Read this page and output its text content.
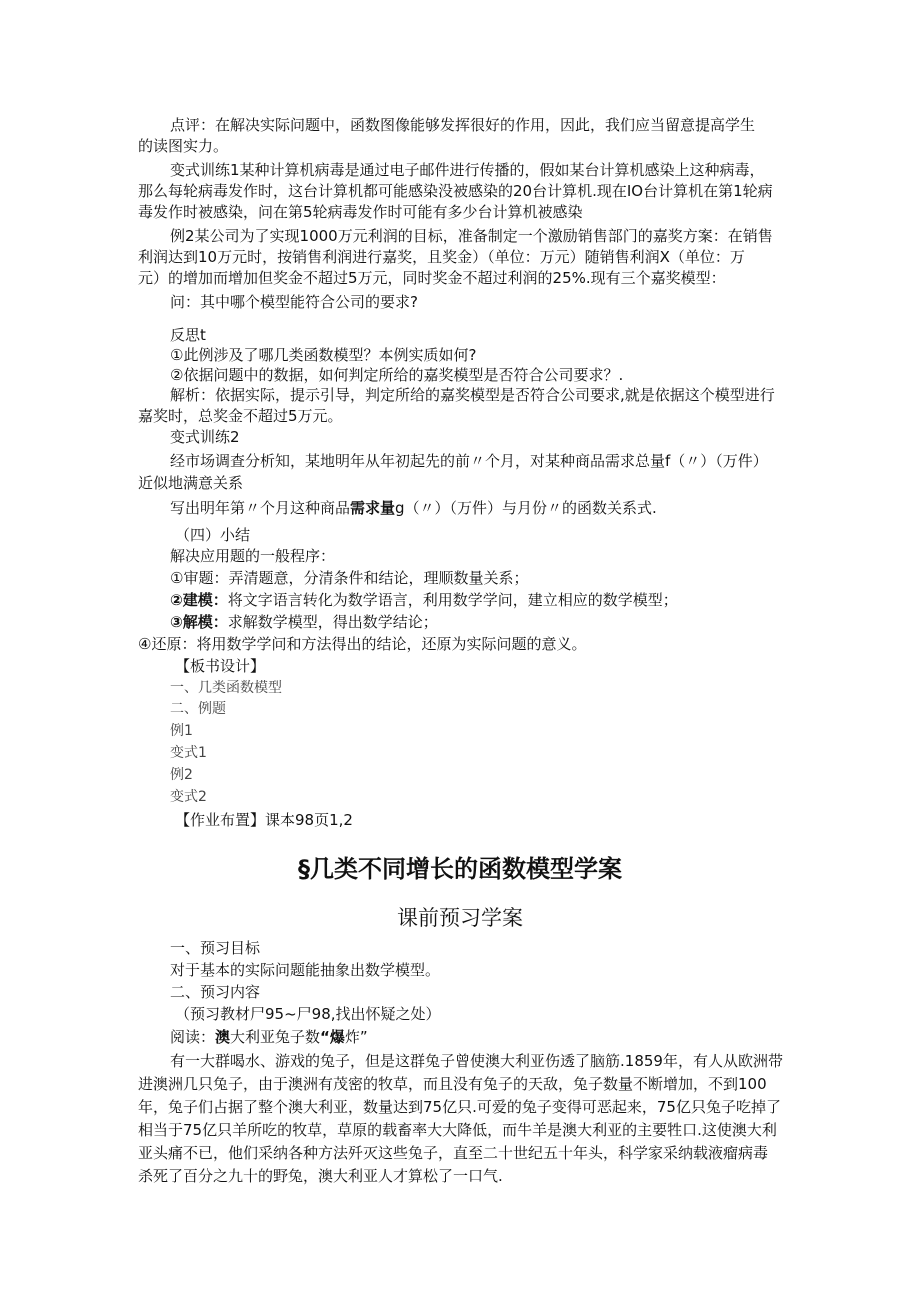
点评：在解决实际问题中，函数图像能够发挥很好的作用，因此，我们应当留意提高学生
的读图实力。
变式训练1某种计算机病毒是通过电子邮件进行传播的，假如某台计算机感染上这种病毒，
那么每轮病毒发作时，这台计算机都可能感染没被感染的20台计算机.现在IO台计算机在第1轮病
毒发作时被感染，问在第5轮病毒发作时可能有多少台计算机被感染
例2某公司为了实现1000万元利润的目标，准备制定一个激励销售部门的嘉奖方案：在销售
利润达到10万元时，按销售利润进行嘉奖，且奖金）（单位：万元）随销售利润X（单位：万
元）的增加而增加但奖金不超过5万元，同时奖金不超过利润的25%.现有三个嘉奖模型：
问：其中哪个模型能符合公司的要求?
反思t
①此例涉及了哪几类函数模型？本例实质如何?
②依据问题中的数据，如何判定所给的嘉奖模型是否符合公司要求？.
解析：依据实际，提示引导，判定所给的嘉奖模型是否符合公司要求,就是依据这个模型进行
嘉奖时，总奖金不超过5万元。
变式训练2
经市场调查分析知，某地明年从年初起先的前〃个月，对某种商品需求总量f（〃）（万件）
近似地满意关系
写出明年第〃个月这种商品需求量g（〃）（万件）与月份〃的函数关系式.
（四）小结
解决应用题的一般程序：
①审题：弄清题意，分清条件和结论，理顺数量关系；
②建模：将文字语言转化为数学语言，利用数学学问，建立相应的数学模型；
③解模：求解数学模型，得出数学结论；
④还原：将用数学学问和方法得出的结论，还原为实际问题的意义。
【板书设计】
一、几类函数模型
二、例题
例1
变式1
例2
变式2
【作业布置】课本98页1,2
§几类不同增长的函数模型学案
课前预习学案
一、预习目标
对于基本的实际问题能抽象出数学模型。
二、预习内容
（预习教材尸95~尸98,找出怀疑之处）
阅读：澳大利亚兔子数“爆炸”
有一大群喝水、游戏的兔子，但是这群兔子曾使澳大利亚伤透了脑筋.1859年，有人从欧洲带
进澳洲几只兔子，由于澳洲有茂密的牧草，而且没有兔子的天敌，兔子数量不断增加，不到100
年，兔子们占据了整个澳大利亚，数量达到75亿只.可爱的兔子变得可恶起来，75亿只兔子吃掉了
相当于75亿只羊所吃的牧草，草原的载畜率大大降低，而牛羊是澳大利亚的主要牲口.这使澳大利
亚头痛不已，他们采纳各种方法歼灭这些兔子，直至二十世纪五十年头，科学家采纳载液瘤病毒
杀死了百分之九十的野兔，澳大利亚人才算松了一口气.
